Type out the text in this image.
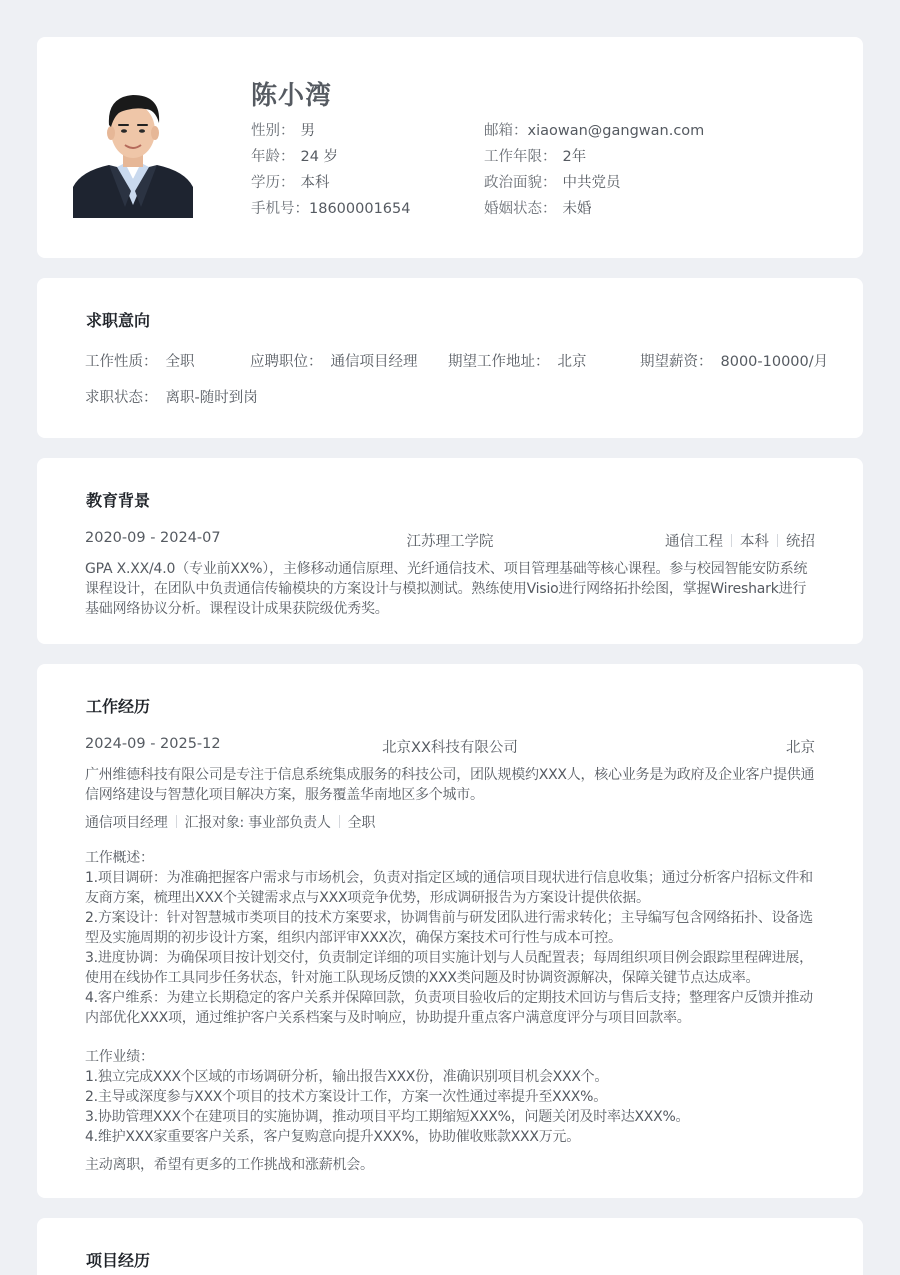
陈小湾
性别： 男
年龄： 24 岁
学历： 本科
手机号：18600001654
邮箱：xiaowan@gangwan.com
工作年限： 2年
政治面貌： 中共党员
婚姻状态： 未婚
求职意向
工作性质： 全职	应聘职位： 通信项目经理 期望工作地址： 北京	期望薪资： 8000-10000/月
求职状态： 离职-随时到岗
教育背景
2020-09 - 2024-07	江苏理工学院	通信工程 本科 统招
GPA X.XX/4.0（专业前XX%），主修移动通信原理、光纤通信技术、项目管理基础等核心课程。参与校园智能安防系统课程设计，在团队中负责通信传输模块的方案设计与模拟测试。熟练使用Visio进行网络拓扑绘图，掌握Wireshark进行基础网络协议分析。课程设计成果获院级优秀奖。
工作经历
2024-09 - 2025-12	北京XX科技有限公司	北京
广州维德科技有限公司是专注于信息系统集成服务的科技公司，团队规模约XXX人，核心业务是为政府及企业客户提供通信网络建设与智慧化项目解决方案，服务覆盖华南地区多个城市。
通信项目经理 汇报对象: 事业部负责人 全职
工作概述：
1.项目调研：为准确把握客户需求与市场机会，负责对指定区域的通信项目现状进行信息收集；通过分析客户招标文件和友商方案，梳理出XXX个关键需求点与XXX项竞争优势，形成调研报告为方案设计提供依据。
2.方案设计：针对智慧城市类项目的技术方案要求，协调售前与研发团队进行需求转化；主导编写包含网络拓扑、设备选型及实施周期的初步设计方案，组织内部评审XXX次，确保方案技术可行性与成本可控。
3.进度协调：为确保项目按计划交付，负责制定详细的项目实施计划与人员配置表；每周组织项目例会跟踪里程碑进展，使用在线协作工具同步任务状态，针对施工队现场反馈的XXX类问题及时协调资源解决，保障关键节点达成率。
4.客户维系：为建立长期稳定的客户关系并保障回款，负责项目验收后的定期技术回访与售后支持；整理客户反馈并推动内部优化XXX项，通过维护客户关系档案与及时响应，协助提升重点客户满意度评分与项目回款率。
工作业绩：
1.独立完成XXX个区域的市场调研分析，输出报告XXX份，准确识别项目机会XXX个。
2.主导或深度参与XXX个项目的技术方案设计工作，方案一次性通过率提升至XXX%。
3.协助管理XXX个在建项目的实施协调，推动项目平均工期缩短XXX%，问题关闭及时率达XXX%。
4.维护XXX家重要客户关系，客户复购意向提升XXX%，协助催收账款XXX万元。
主动离职，希望有更多的工作挑战和涨薪机会。
项目经历
